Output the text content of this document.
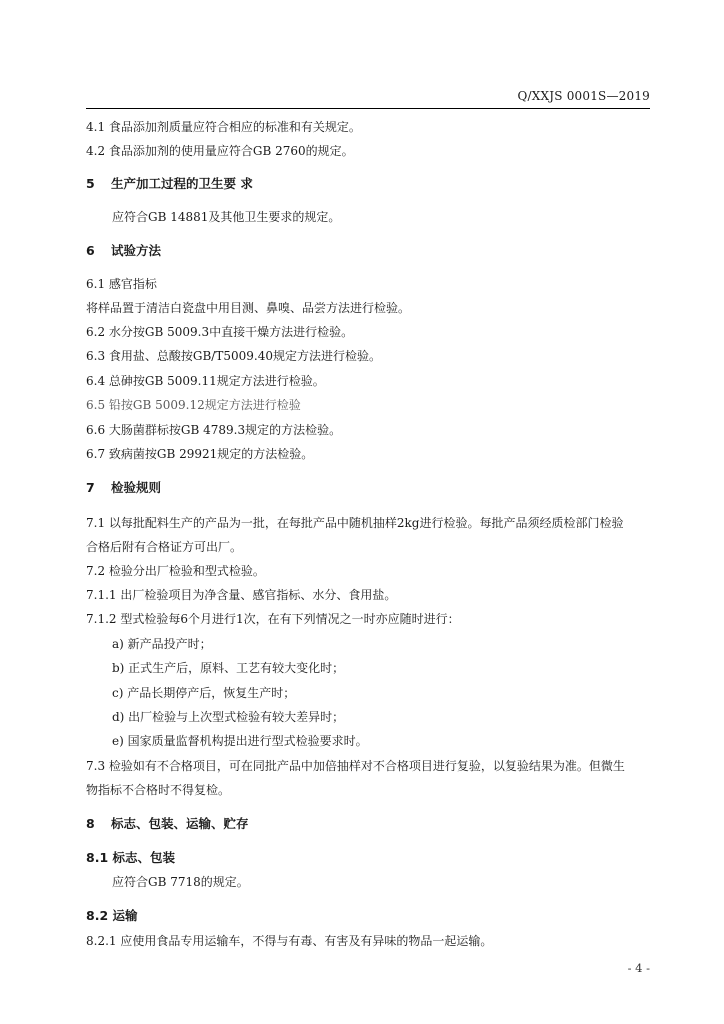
Q/XXJS 0001S—2019
4.1 食品添加剂质量应符合相应的标准和有关规定。
4.2 食品添加剂的使用量应符合GB 2760的规定。
5 生产加工过程的卫生要 求
应符合GB 14881及其他卫生要求的规定。
6 试验方法
6.1 感官指标
将样品置于清洁白瓷盘中用目测、鼻嗅、品尝方法进行检验。
6.2 水分按GB 5009.3中直接干燥方法进行检验。
6.3 食用盐、总酸按GB/T5009.40规定方法进行检验。
6.4 总砷按GB 5009.11规定方法进行检验。
6.5 铅按GB 5009.12规定方法进行检验
6.6 大肠菌群标按GB 4789.3规定的方法检验。
6.7 致病菌按GB 29921规定的方法检验。
7 检验规则
7.1 以每批配料生产的产品为一批，在每批产品中随机抽样2kg进行检验。每批产品须经质检部门检验
合格后附有合格证方可出厂。
7.2 检验分出厂检验和型式检验。
7.1.1 出厂检验项目为净含量、感官指标、水分、食用盐。
7.1.2 型式检验每6个月进行1次，在有下列情况之一时亦应随时进行：
a) 新产品投产时；
b) 正式生产后，原料、工艺有较大变化时；
c) 产品长期停产后，恢复生产时；
d) 出厂检验与上次型式检验有较大差异时；
e) 国家质量监督机构提出进行型式检验要求时。
7.3 检验如有不合格项目，可在同批产品中加倍抽样对不合格项目进行复验，以复验结果为准。但微生
物指标不合格时不得复检。
8 标志、包装、运输、贮存
8.1 标志、包装
应符合GB 7718的规定。
8.2 运输
8.2.1 应使用食品专用运输车，不得与有毒、有害及有异味的物品一起运输。
- 4 -
